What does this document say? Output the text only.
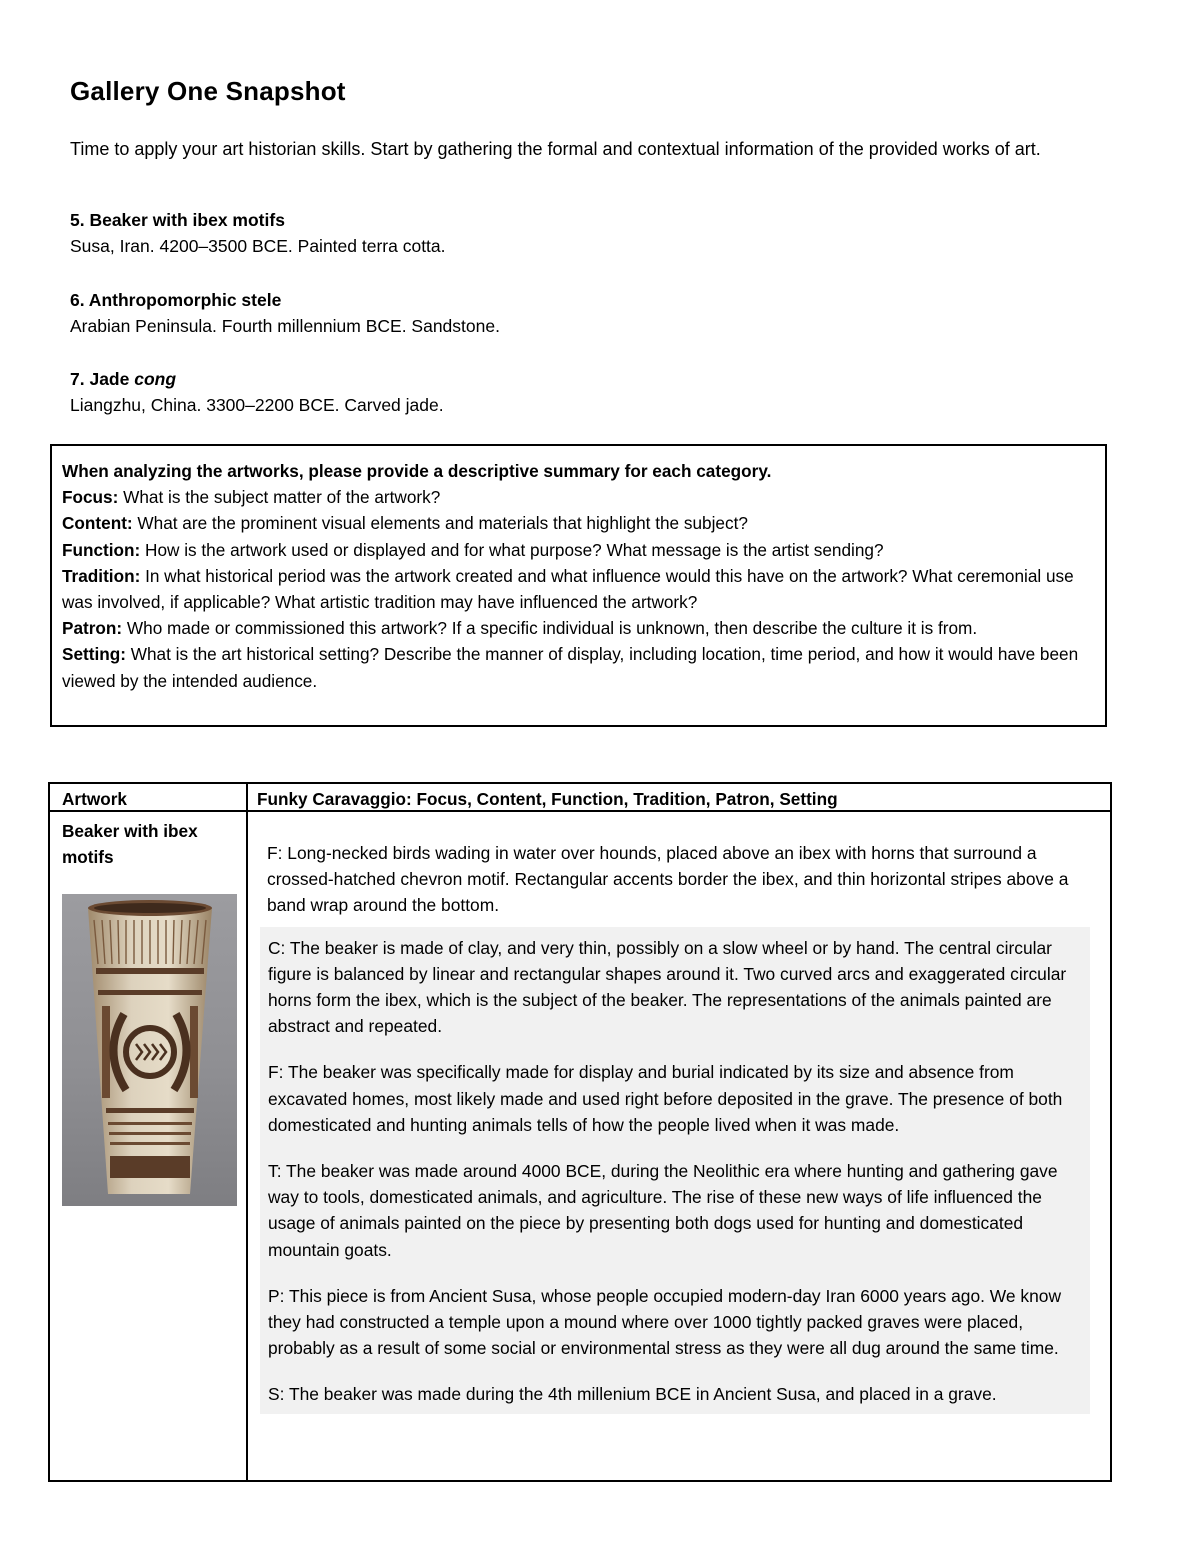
Gallery One Snapshot

Time to apply your art historian skills. Start by gathering the formal and contextual information of the provided works of art.

5. Beaker with ibex motifs
Susa, Iran. 4200–3500 BCE. Painted terra cotta.
6. Anthropomorphic stele
Arabian Peninsula. Fourth millennium BCE. Sandstone.
7. Jade cong
Liangzhu, China. 3300–2200 BCE. Carved jade.
When analyzing the artworks, please provide a descriptive summary for each category.
Focus: What is the subject matter of the artwork?
Content: What are the prominent visual elements and materials that highlight the subject?
Function: How is the artwork used or displayed and for what purpose? What message is the artist sending?
Tradition: In what historical period was the artwork created and what influence would this have on the artwork? What ceremonial use was involved, if applicable? What artistic tradition may have influenced the artwork?
Patron: Who made or commissioned this artwork? If a specific individual is unknown, then describe the culture it is from.
Setting: What is the art historical setting? Describe the manner of display, including location, time period, and how it would have been viewed by the intended audience.
Artwork	Funky Caravaggio: Focus, Content, Function, Tradition, Patron, Setting
Beaker with ibex motifs	F: Long-necked birds wading in water over hounds, placed above an ibex with horns that surround a crossed-hatched chevron motif. Rectangular accents border the ibex, and thin horizontal stripes above a band wrap around the bottom.

C: The beaker is made of clay, and very thin, possibly on a slow wheel or by hand. The central circular figure is balanced by linear and rectangular shapes around it. Two curved arcs and exaggerated circular horns form the ibex, which is the subject of the beaker. The representations of the animals painted are abstract and repeated.

F: The beaker was specifically made for display and burial indicated by its size and absence from excavated homes, most likely made and used right before deposited in the grave. The presence of both domesticated and hunting animals tells of how the people lived when it was made.

T: The beaker was made around 4000 BCE, during the Neolithic era where hunting and gathering gave way to tools, domesticated animals, and agriculture. The rise of these new ways of life influenced the usage of animals painted on the piece by presenting both dogs used for hunting and domesticated mountain goats.

P: This piece is from Ancient Susa, whose people occupied modern-day Iran 6000 years ago. We know they had constructed a temple upon a mound where over 1000 tightly packed graves were placed, probably as a result of some social or environmental stress as they were all dug around the same time.

S: The beaker was made during the 4th millenium BCE in Ancient Susa, and placed in a grave.
